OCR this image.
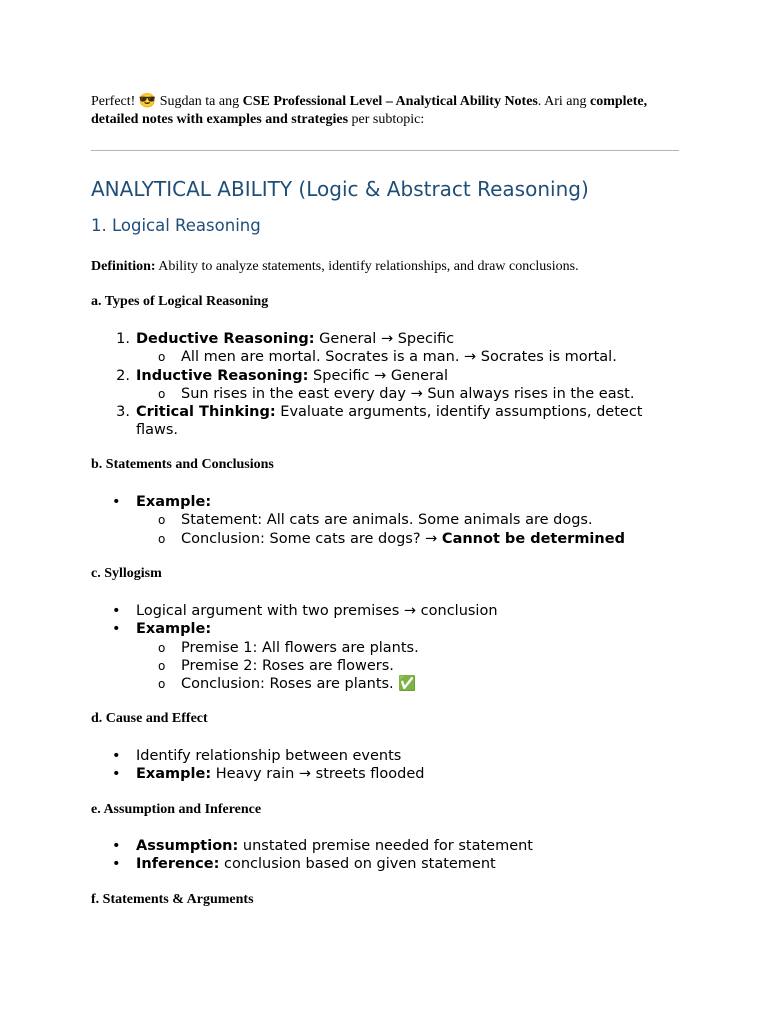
Perfect! 😎 Sugdan ta ang CSE Professional Level – Analytical Ability Notes. Ari ang complete, detailed notes with examples and strategies per subtopic:

ANALYTICAL ABILITY (Logic & Abstract Reasoning)
1. Logical Reasoning
Definition: Ability to analyze statements, identify relationships, and draw conclusions.
a. Types of Logical Reasoning
1. Deductive Reasoning: General → Specific
o All men are mortal. Socrates is a man. → Socrates is mortal.
2. Inductive Reasoning: Specific → General
o Sun rises in the east every day → Sun always rises in the east.
3. Critical Thinking: Evaluate arguments, identify assumptions, detect flaws.
b. Statements and Conclusions
• Example:
o Statement: All cats are animals. Some animals are dogs.
o Conclusion: Some cats are dogs? → Cannot be determined
c. Syllogism
• Logical argument with two premises → conclusion
• Example:
o Premise 1: All flowers are plants.
o Premise 2: Roses are flowers.
o Conclusion: Roses are plants. ✅
d. Cause and Effect
• Identify relationship between events
• Example: Heavy rain → streets flooded
e. Assumption and Inference
• Assumption: unstated premise needed for statement
• Inference: conclusion based on given statement
f. Statements & Arguments
